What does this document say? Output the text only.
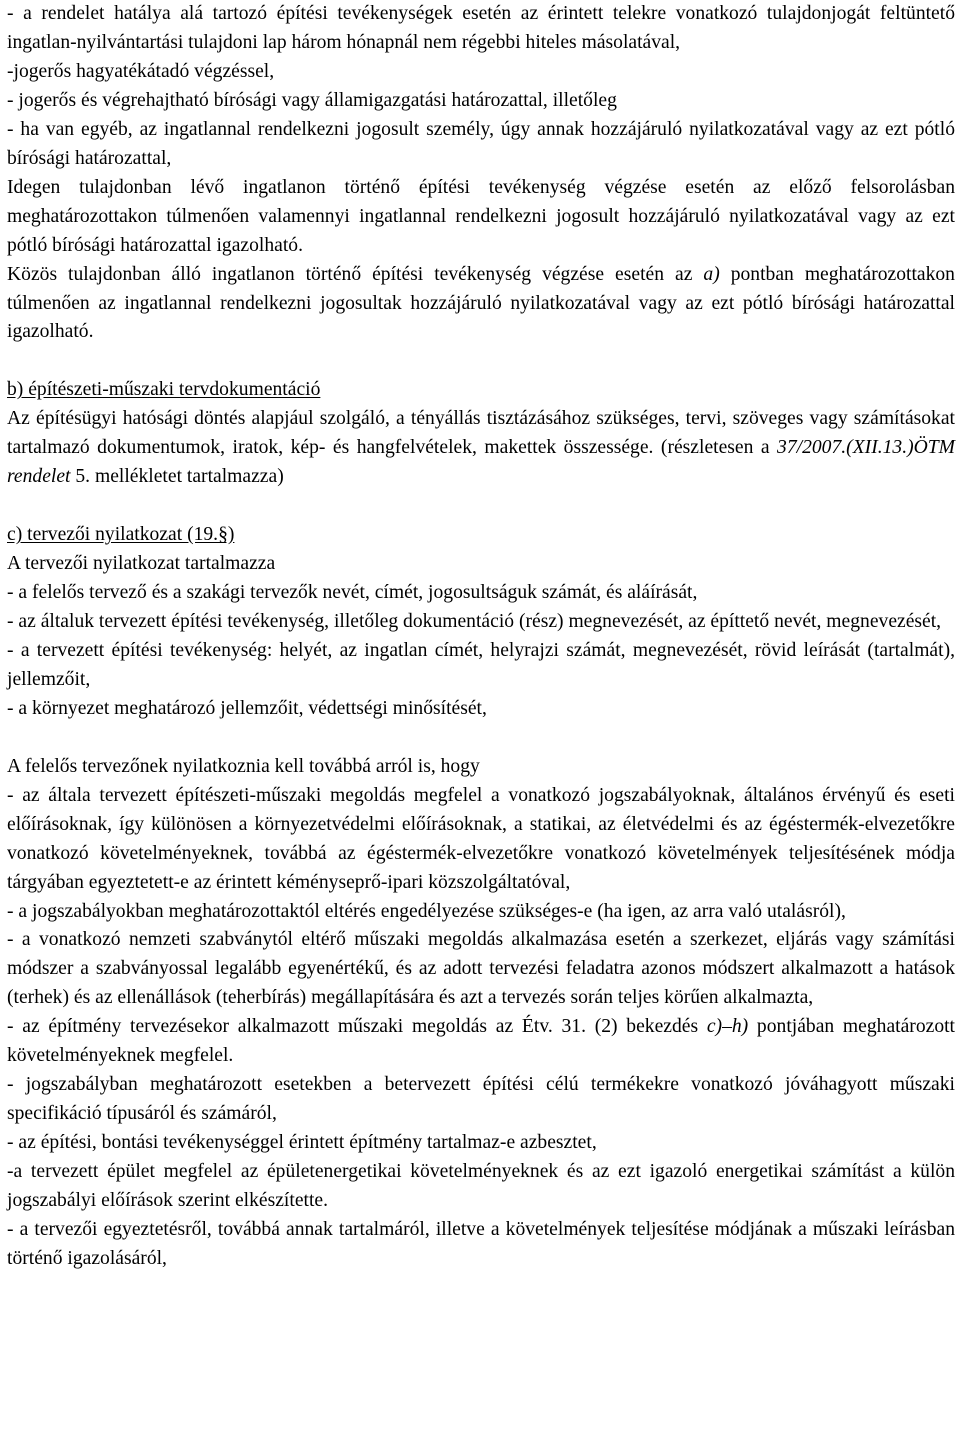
- a rendelet hatálya alá tartozó építési tevékenységek esetén az érintett telekre vonatkozó tulajdonjogát feltüntető ingatlan-nyilvántartási tulajdoni lap három hónapnál nem régebbi hiteles másolatával,

-jogerős hagyatékátadó végzéssel,

- jogerős és végrehajtható bírósági vagy államigazgatási határozattal, illetőleg

- ha van egyéb, az ingatlannal rendelkezni jogosult személy, úgy annak hozzájáruló nyilatkozatával vagy az ezt pótló bírósági határozattal,

Idegen tulajdonban lévő ingatlanon történő építési tevékenység végzése esetén az előző felsorolásban meghatározottakon túlmenően valamennyi ingatlannal rendelkezni jogosult hozzájáruló nyilatkozatával vagy az ezt pótló bírósági határozattal igazolható.

Közös tulajdonban álló ingatlanon történő építési tevékenység végzése esetén az a) pontban meghatározottakon túlmenően az ingatlannal rendelkezni jogosultak hozzájáruló nyilatkozatával vagy az ezt pótló bírósági határozattal igazolható.

b) építészeti-műszaki tervdokumentáció

Az építésügyi hatósági döntés alapjául szolgáló, a tényállás tisztázásához szükséges, tervi, szöveges vagy számításokat tartalmazó dokumentumok, iratok, kép- és hangfelvételek, makettek összessége. (részletesen a 37/2007.(XII.13.)ÖTM rendelet 5. mellékletet tartalmazza)

c) tervezői nyilatkozat (19.§)

A tervezői nyilatkozat tartalmazza

- a felelős tervező és a szakági tervezők nevét, címét, jogosultságuk számát, és aláírását,

- az általuk tervezett építési tevékenység, illetőleg dokumentáció (rész) megnevezését, az építtető nevét, megnevezését,

- a tervezett építési tevékenység: helyét, az ingatlan címét, helyrajzi számát, megnevezését, rövid leírását (tartalmát), jellemzőit,

- a környezet meghatározó jellemzőit, védettségi minősítését,

A felelős tervezőnek nyilatkoznia kell továbbá arról is, hogy

- az általa tervezett építészeti-műszaki megoldás megfelel a vonatkozó jogszabályoknak, általános érvényű és eseti előírásoknak, így különösen a környezetvédelmi előírásoknak, a statikai, az életvédelmi és az égéstermék-elvezetőkre vonatkozó követelményeknek, továbbá az égéstermék-elvezetőkre vonatkozó követelmények teljesítésének módja tárgyában egyeztetett-e az érintett kéményseprő-ipari közszolgáltatóval,

- a jogszabályokban meghatározottaktól eltérés engedélyezése szükséges-e (ha igen, az arra való utalásról),

- a vonatkozó nemzeti szabványtól eltérő műszaki megoldás alkalmazása esetén a szerkezet, eljárás vagy számítási módszer a szabványossal legalább egyenértékű, és az adott tervezési feladatra azonos módszert alkalmazott a hatások (terhek) és az ellenállások (teherbírás) megállapítására és azt a tervezés során teljes körűen alkalmazta,

- az építmény tervezésekor alkalmazott műszaki megoldás az Étv. 31. (2) bekezdés c)–h) pontjában meghatározott követelményeknek megfelel.

- jogszabályban meghatározott esetekben a betervezett építési célú termékekre vonatkozó jóváhagyott műszaki specifikáció típusáról és számáról,

- az építési, bontási tevékenységgel érintett építmény tartalmaz-e azbesztet,

-a tervezett épület megfelel az épületenergetikai követelményeknek és az ezt igazoló energetikai számítást a külön jogszabályi előírások szerint elkészítette.

- a tervezői egyeztetésről, továbbá annak tartalmáról, illetve a követelmények teljesítése módjának a műszaki leírásban történő igazolásáról,
